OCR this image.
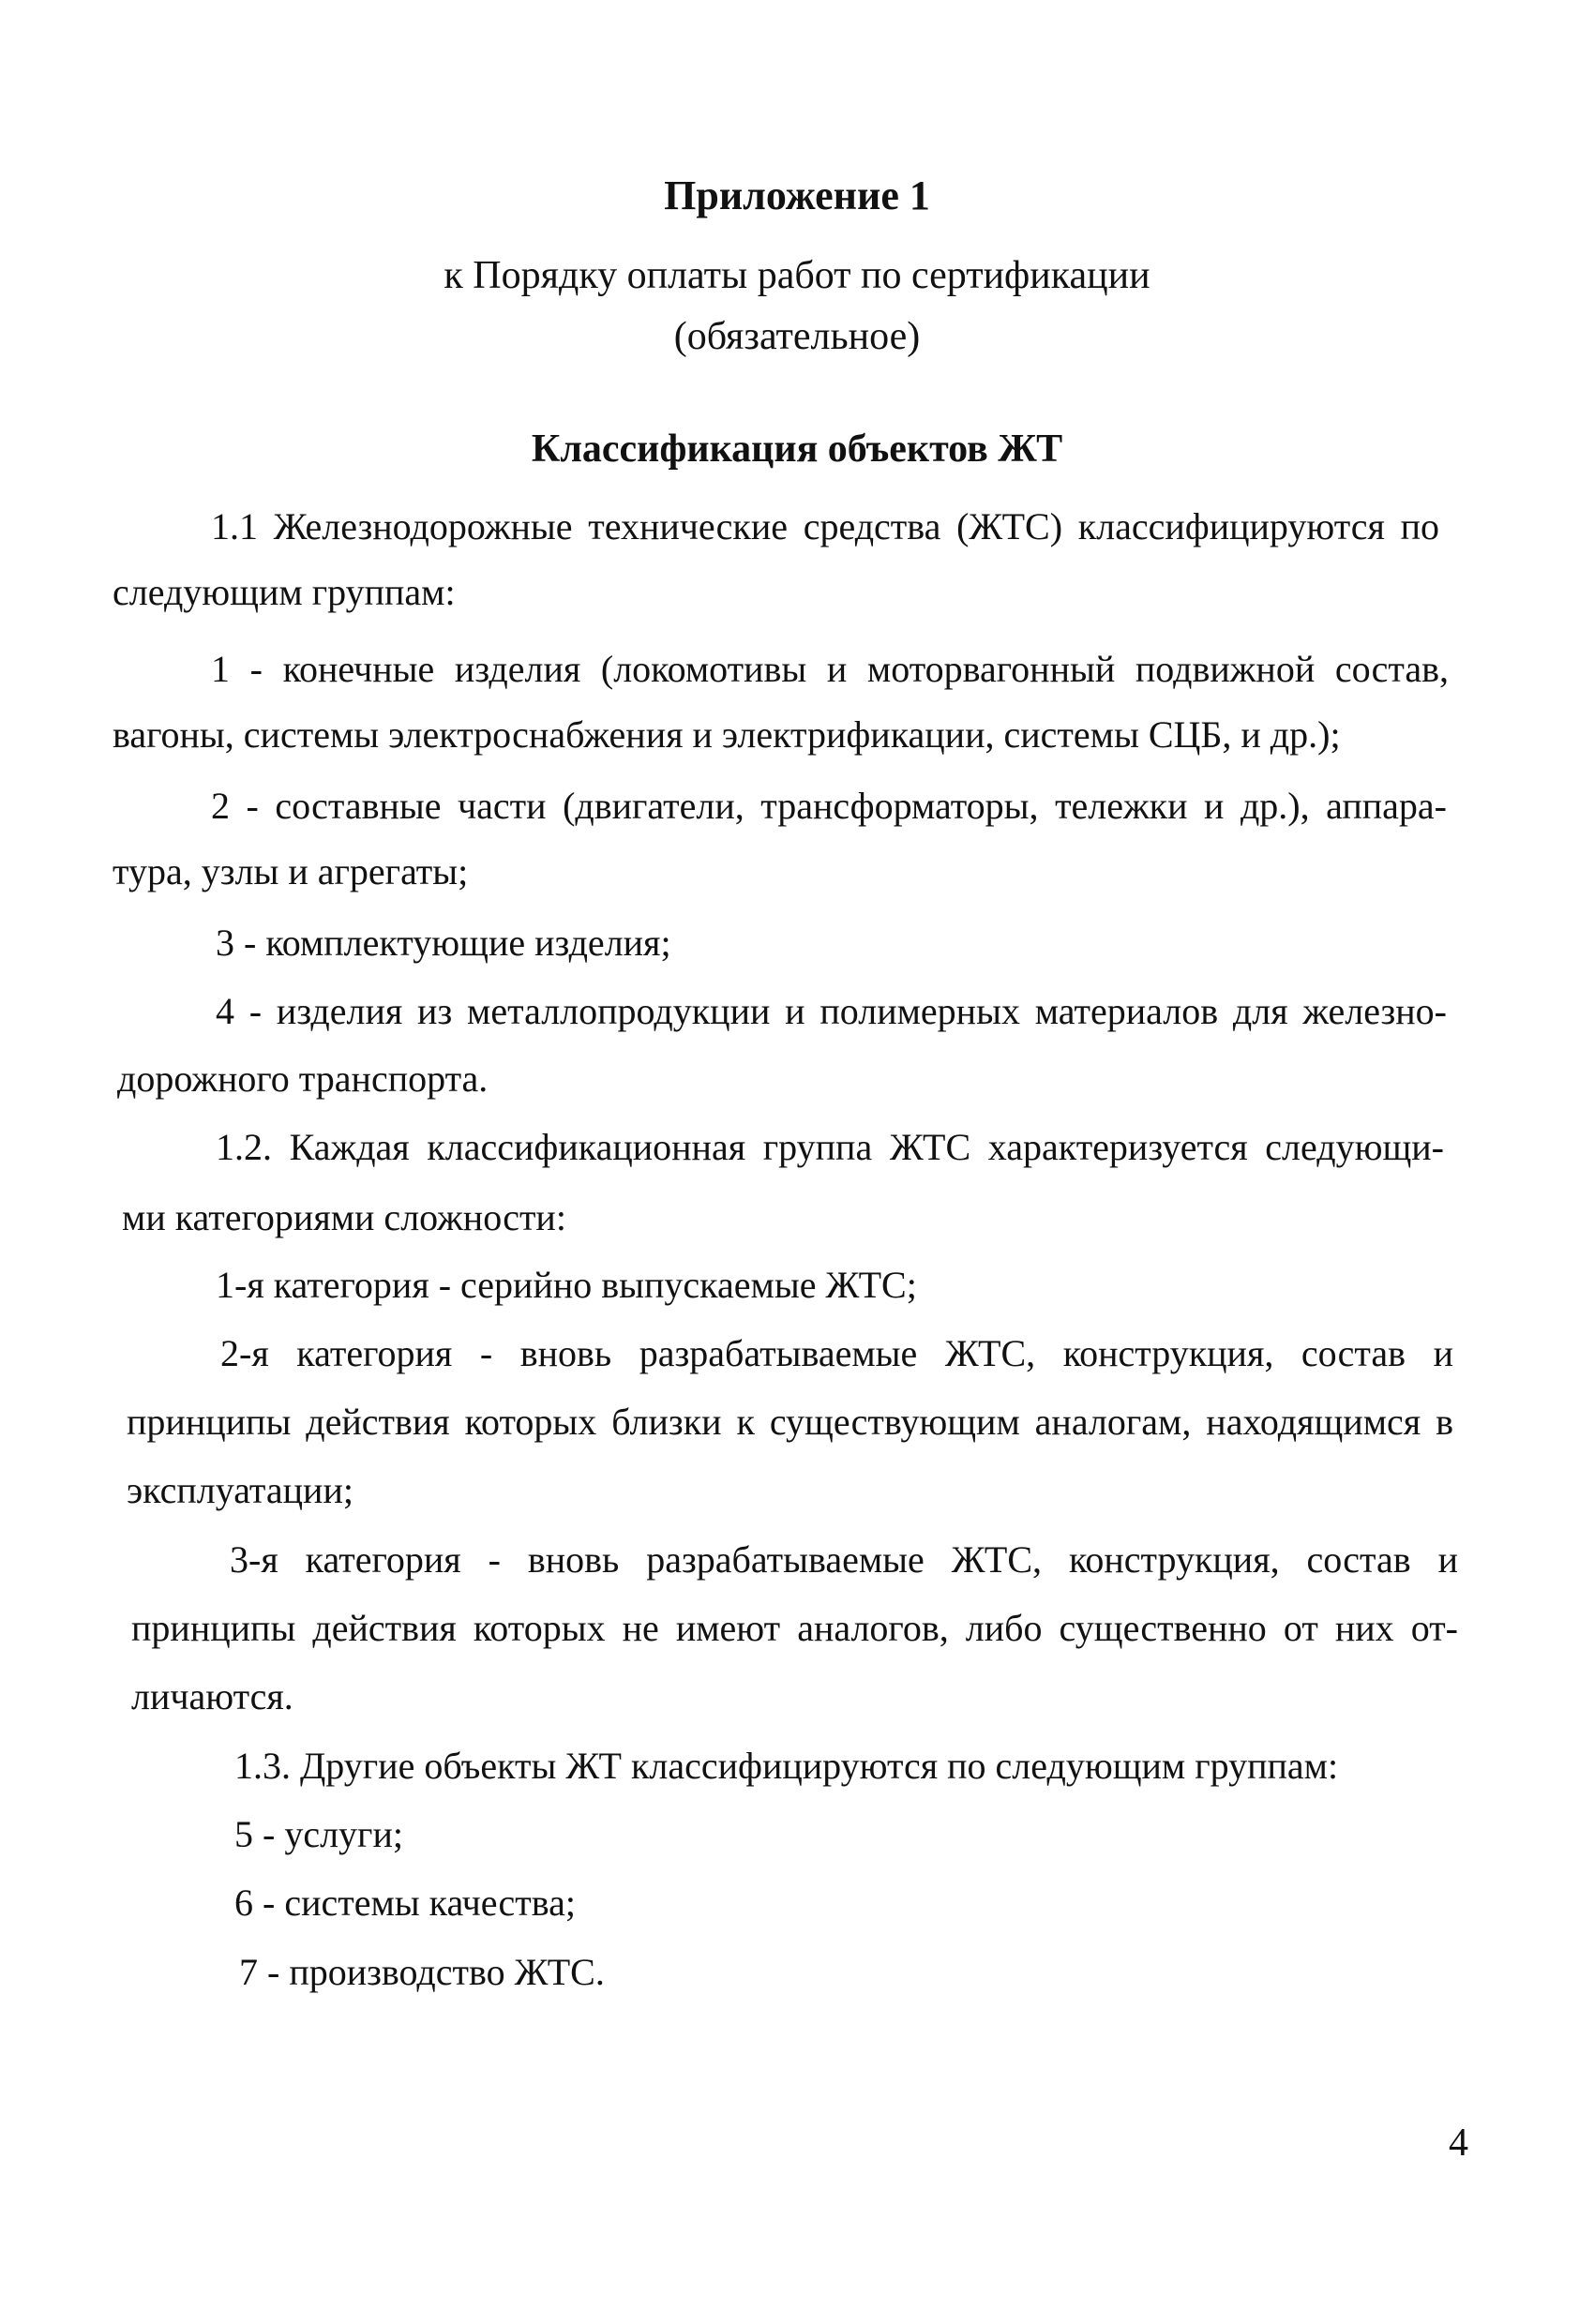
Приложение 1
к Порядку оплаты работ по сертификации
(обязательное)
Классификация объектов ЖТ
1.1 Железнодорожные технические средства (ЖТС) классифицируются по
следующим группам:
1 - конечные изделия (локомотивы и моторвагонный подвижной состав,
вагоны, системы электроснабжения и электрификации, системы СЦБ, и др.);
2 - составные части (двигатели, трансформаторы, тележки и др.), аппара-
тура, узлы и агрегаты;
3 - комплектующие изделия;
4 - изделия из металлопродукции и полимерных материалов для железно-
дорожного транспорта.
1.2. Каждая классификационная группа ЖТС характеризуется следующи-
ми категориями сложности:
1-я категория - серийно выпускаемые ЖТС;
2-я категория - вновь разрабатываемые ЖТС, конструкция, состав и
принципы действия которых близки к существующим аналогам, находящимся в
эксплуатации;
3-я категория - вновь разрабатываемые ЖТС, конструкция, состав и
принципы действия которых не имеют аналогов, либо существенно от них от-
личаются.
1.3. Другие объекты ЖТ классифицируются по следующим группам:
5 - услуги;
6 - системы качества;
7 - производство ЖТС.
4
